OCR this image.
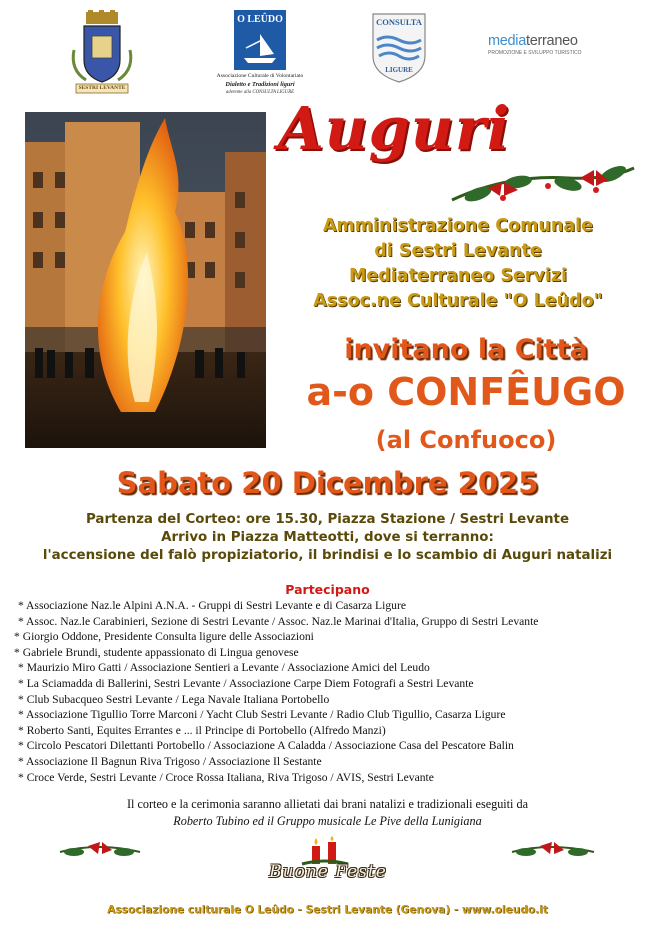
SESTRI LEVANTE
O LEÛDO
Associazione Culturale di Volontariato
Dialetto e Tradizioni liguri
aderente alla CONSULTA LIGURE
CONSULTA
LIGURE
mediaterraneo
PROMOZIONE E SVILUPPO TURISTICO
Auguri
Amministrazione Comunale
di Sestri Levante
Mediaterraneo Servizi
Assoc.ne Culturale "O Leûdo"
invitano la Città
a-o CONFÊUGO
(al Confuoco)
Sabato 20 Dicembre 2025
Partenza del Corteo: ore 15.30, Piazza Stazione / Sestri Levante
Arrivo in Piazza Matteotti, dove si terranno:
l'accensione del falò propiziatorio, il brindisi e lo scambio di Auguri natalizi
Partecipano
* Associazione Naz.le Alpini A.N.A. - Gruppi di Sestri Levante e di Casarza Ligure
* Assoc. Naz.le Carabinieri, Sezione di Sestri Levante / Assoc. Naz.le Marinai d'Italia, Gruppo di Sestri Levante
* Giorgio Oddone, Presidente Consulta ligure delle Associazioni
* Gabriele Brundi, studente appassionato di Lingua genovese
* Maurizio Miro Gatti / Associazione Sentieri a Levante / Associazione Amici del Leudo
* La Sciamadda di Ballerini, Sestri Levante / Associazione Carpe Diem Fotografi a Sestri Levante
* Club Subacqueo Sestri Levante / Lega Navale Italiana Portobello
* Associazione Tigullio Torre Marconi / Yacht Club Sestri Levante / Radio Club Tigullio, Casarza Ligure
* Roberto Santi, Equites Errantes e ... il Principe di Portobello (Alfredo Manzi)
* Circolo Pescatori Dilettanti Portobello / Associazione A Caladda / Associazione Casa del Pescatore Balin
* Associazione Il Bagnun Riva Trigoso / Associazione Il Sestante
* Croce Verde, Sestri Levante / Croce Rossa Italiana, Riva Trigoso / AVIS, Sestri Levante
Il corteo e la cerimonia saranno allietati dai brani natalizi e tradizionali eseguiti da
Roberto Tubino ed il Gruppo musicale Le Pive della Lunigiana
Buone Feste
Associazione culturale O Leûdo - Sestri Levante (Genova) - www.oleudo.it
